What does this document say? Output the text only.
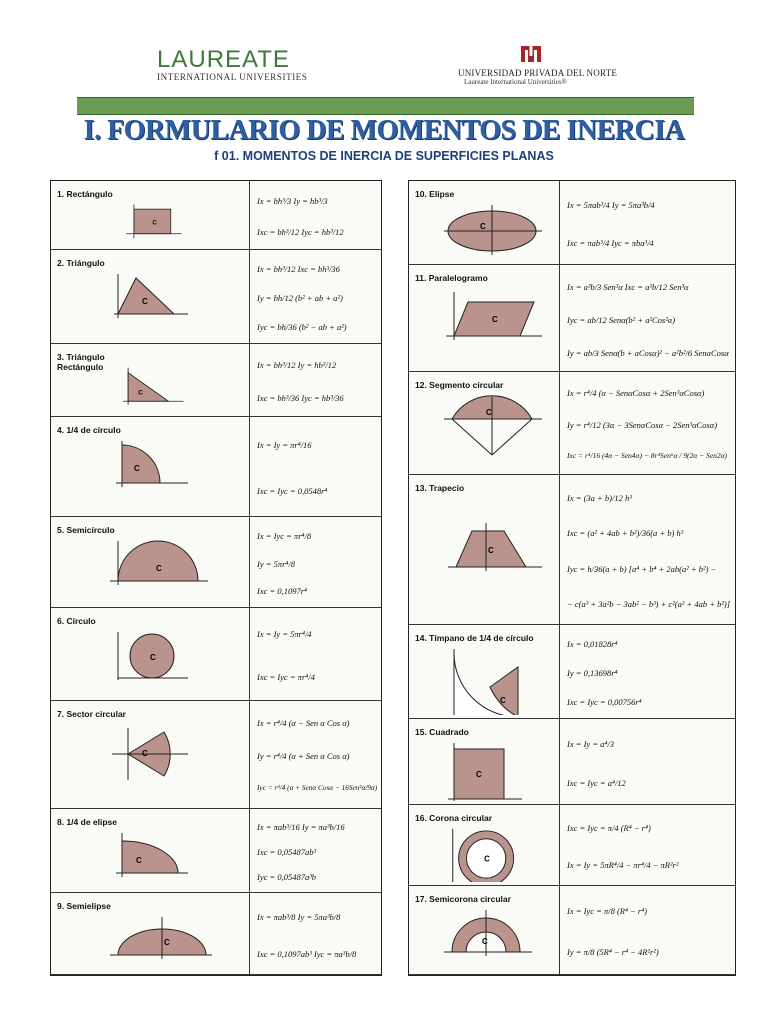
LAUREATE
INTERNATIONAL UNIVERSITIES	UNIVERSIDAD PRIVADA DEL NORTE
Laureate International Universities®
I. FORMULARIO DE MOMENTOS DE INERCIA
f 01. MOMENTOS DE INERCIA DE SUPERFICIES PLANAS
1. Rectángulo
C
Ix = bh³/3 Iy = hb³/3
Ixc = bh³/12 Iyc = hb³/12
2. Triángulo
C
Ix = bh³/12 Ixc = bh³/36
Iy = bh/12 (b² + ab + a²)
Iyc = bh/36 (b² − ab + a²)
3. Triángulo
Rectángulo
C
Ix = bh³/12 Iy = hb³/12
Ixc = bh³/36 Iyc = hb³/36
4. 1/4 de círculo
C
Ix = Iy = πr⁴/16
Ixc = Iyc = 0,0548r⁴
5. Semicírculo
C
Ix = Iyc = πr⁴/8
Iy = 5πr⁴/8
Ixc = 0,1097r⁴
6. Círculo
C
Ix = Iy = 5πr⁴/4
Ixc = Iyc = πr⁴/4
7. Sector circular
C
Ix = r⁴/4 (α − Sen α Cos α)
Iy = r⁴/4 (α + Sen α Cos α)
Iyc = r⁴/4 (α + Senα Cosα − 16Sen²α/9α)
8. 1/4 de elipse
C
Ix = πab³/16 Iy = πa³b/16
Ixc = 0,05487ab³
Iyc = 0,05487a³b
9. Semielipse
C
Ix = πab³/8 Iy = 5πa³b/8
Ixc = 0,1097ab³ Iyc = πa³b/8
10. Elipse
C
Ix = 5πab³/4 Iy = 5πa³b/4
Ixc = πab³/4 Iyc = πba³/4
11. Paralelogramo
C
Ix = a³b/3 Sen³α Ixc = a³b/12 Sen³α
Iyc = ab/12 Senα(b² + a²Cos²α)
Iy = ab/3 Senα(b + aCosα)² − a²b²/6 SenαCosα
12. Segmento circular
C
Ix = r⁴/4 (α − SenαCosα + 2Sen³αCosα)
Iy = r⁴/12 (3α − 3SenαCosα − 2Sen³αCosα)
Ixc = r⁴/16 (4α − Sen4α) − 8r⁴Sen⁶α / 9(2α − Sen2α)
13. Trapecio
C
Ix = (3a + b)/12 h³
Ixc = (a² + 4ab + b²)/36(a + b) h³
Iyc = h/36(a + b) [a⁴ + b⁴ + 2ab(a² + b²) −
− c(a³ + 3a²b − 3ab² − b³) + c²(a² + 4ab + b²)]
14. Tímpano de 1/4 de círculo
C
Ix = 0,01828r⁴
Iy = 0,13698r⁴
Ixc = Iyc = 0,00756r⁴
15. Cuadrado
C
Ix = Iy = a⁴/3
Ixc = Iyc = a⁴/12
16. Corona circular
C
Ixc = Iyc = π/4 (R⁴ − r⁴)
Ix = Iy = 5πR⁴/4 − πr⁴/4 − πR²r²
17. Semicorona circular
C
Ix = Iyc = π/8 (R⁴ − r⁴)
Iy = π/8 (5R⁴ − r⁴ − 4R²r²)
